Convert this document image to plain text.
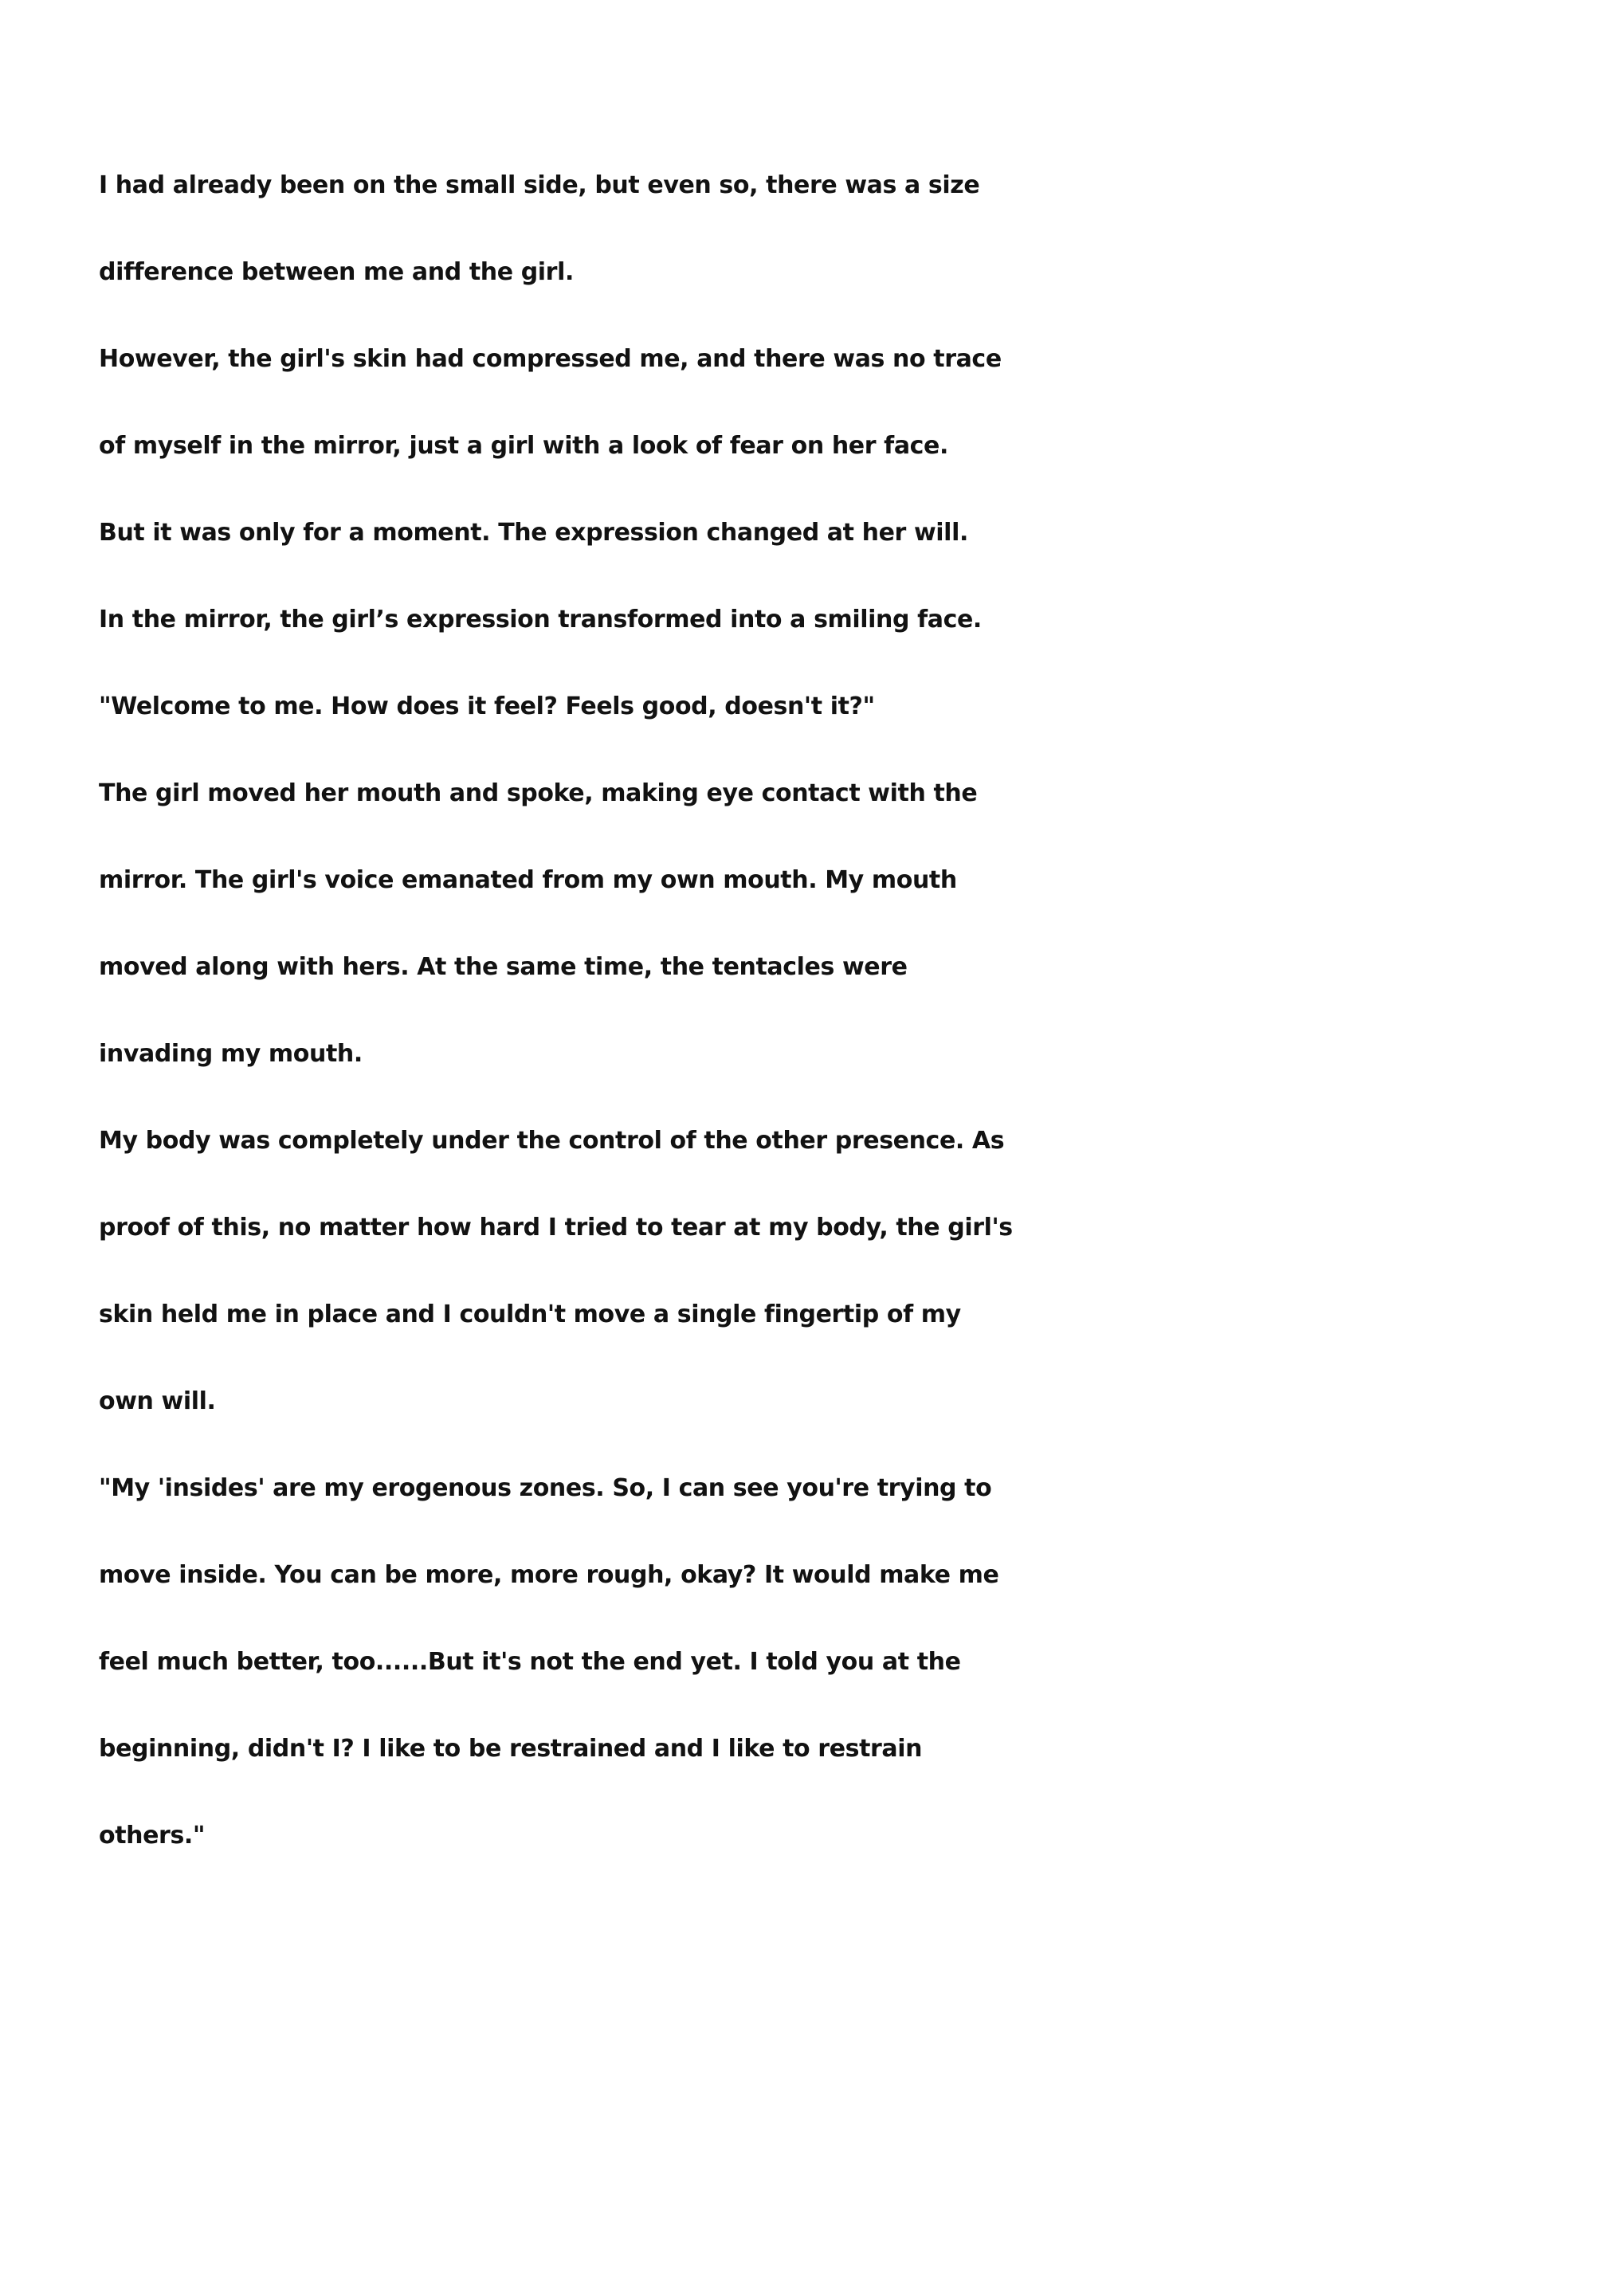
I had already been on the small side, but even so, there was a size
difference between me and the girl.
However, the girl's skin had compressed me, and there was no trace
of myself in the mirror, just a girl with a look of fear on her face.
But it was only for a moment. The expression changed at her will.
In the mirror, the girl’s expression transformed into a smiling face.
"Welcome to me. How does it feel? Feels good, doesn't it?"
The girl moved her mouth and spoke, making eye contact with the
mirror. The girl's voice emanated from my own mouth. My mouth
moved along with hers. At the same time, the tentacles were
invading my mouth.
My body was completely under the control of the other presence. As
proof of this, no matter how hard I tried to tear at my body, the girl's
skin held me in place and I couldn't move a single fingertip of my
own will.
"My 'insides' are my erogenous zones. So, I can see you're trying to
move inside. You can be more, more rough, okay? It would make me
feel much better, too......But it's not the end yet. I told you at the
beginning, didn't I? I like to be restrained and I like to restrain
others."
